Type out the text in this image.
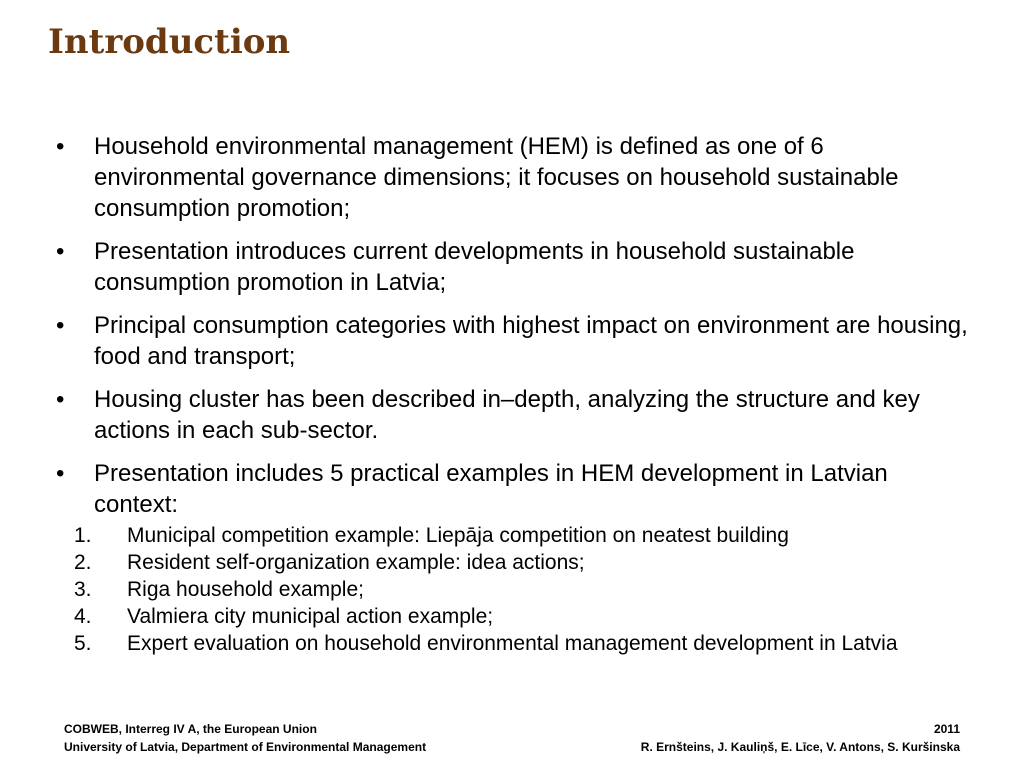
Introduction
•	Household environmental management (HEM) is defined as one of 6 environmental governance dimensions; it focuses on household sustainable consumption promotion;
•	Presentation introduces current developments in household sustainable consumption promotion in Latvia;
•	Principal consumption categories with highest impact on environment are housing, food and transport;
•	Housing cluster has been described in–depth, analyzing the structure and key actions in each sub-sector.
•	Presentation includes 5 practical examples in HEM development in Latvian context:
1.	Municipal competition example: Liepāja competition on neatest building
2.	Resident self-organization example: idea actions;
3.	Riga household example;
4.	Valmiera city municipal action example;
5.	Expert evaluation on household environmental management development in Latvia
COBWEB, Interreg IV A, the European Union
University of Latvia, Department of Environmental Management
2011
R. Ernšteins, J. Kauliņš, E. Līce, V. Antons, S. Kuršinska
